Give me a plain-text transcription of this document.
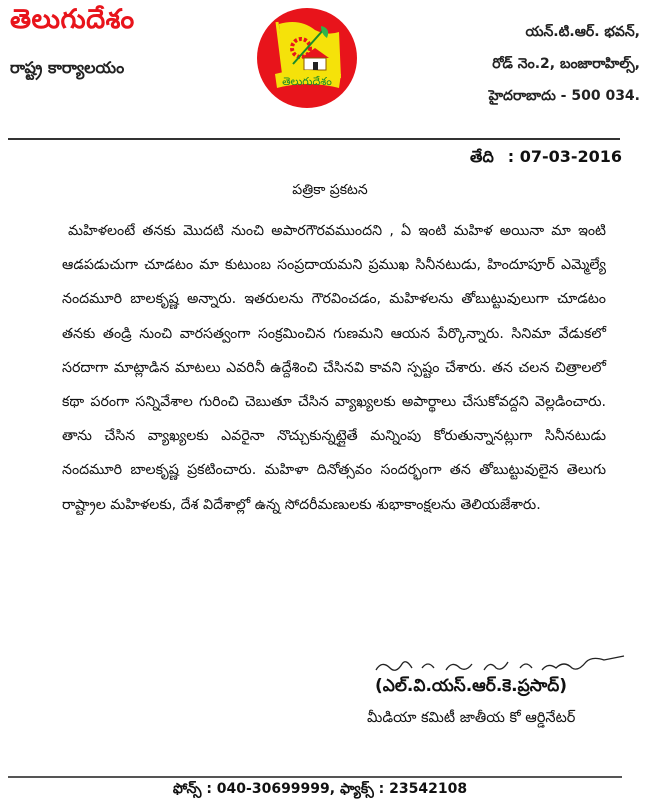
తెలుగుదేశం
రాష్ట్ర కార్యాలయం
తెలుగుదేశం
యన్.టి.ఆర్. భవన్,
రోడ్ నెం.2, బంజారాహిల్స్,
హైదరాబాదు - 500 034.
తేది : 07-03-2016
పత్రికా ప్రకటన
మహిళలంటే తనకు మొదటి నుంచి అపారగౌరవముందని , ఏ ఇంటి మహిళ అయినా మా ఇంటి ఆడపడుచుగా చూడటం మా కుటుంబ సంప్రదాయమని ప్రముఖ సినీనటుడు, హిందూపూర్ ఎమ్మెల్యే నందమూరి బాలకృష్ణ అన్నారు. ఇతరులను గౌరవించడం, మహిళలను తోబుట్టువులుగా చూడటం తనకు తండ్రి నుంచి వారసత్వంగా సంక్రమించిన గుణమని ఆయన పేర్కొన్నారు. సినిమా వేడుకలో సరదాగా మాట్లాడిన మాటలు ఎవరినీ ఉద్దేశించి చేసినవి కావని స్పష్టం చేశారు. తన చలన చిత్రాలలో కథా పరంగా సన్నివేశాల గురించి చెబుతూ చేసిన వ్యాఖ్యలకు అపార్థాలు చేసుకోవద్దని వెల్లడించారు. తాను చేసిన వ్యాఖ్యలకు ఎవరైనా నొచ్చుకున్నట్లైతే మన్నింపు కోరుతున్నానట్లుగా సినీనటుడు నందమూరి బాలకృష్ణ ప్రకటించారు. మహిళా దినోత్సవం సందర్భంగా తన తోబుట్టువులైన తెలుగు రాష్ట్రాల మహిళలకు, దేశ విదేశాల్లో ఉన్న సోదరీమణులకు శుభాకాంక్షలను తెలియజేశారు.
(ఎల్.వి.యస్.ఆర్.కె.ప్రసాద్)
మీడియా కమిటీ జాతీయ కో ఆర్డినేటర్
ఫోన్స్ : 040-30699999, ఫ్యాక్స్ : 23542108
